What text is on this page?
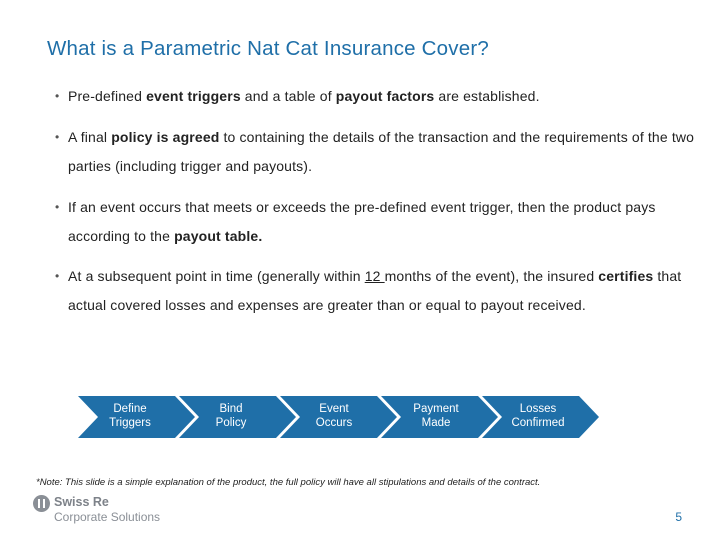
What is a Parametric Nat Cat Insurance Cover?
• Pre-defined event triggers and a table of payout factors are established.
• A final policy is agreed to containing the details of the transaction and the requirements of the two parties (including trigger and payouts).
• If an event occurs that meets or exceeds the pre-defined event trigger, then the product pays according to the payout table.
• At a subsequent point in time (generally within 12 months of the event), the insured certifies that actual covered losses and expenses are greater than or equal to payout received.
Define
Triggers
Bind
Policy
Event
Occurs
Payment
Made
Losses
Confirmed
*Note: This slide is a simple explanation of the product, the full policy will have all stipulations and details of the contract.
Swiss Re
Corporate Solutions	5
